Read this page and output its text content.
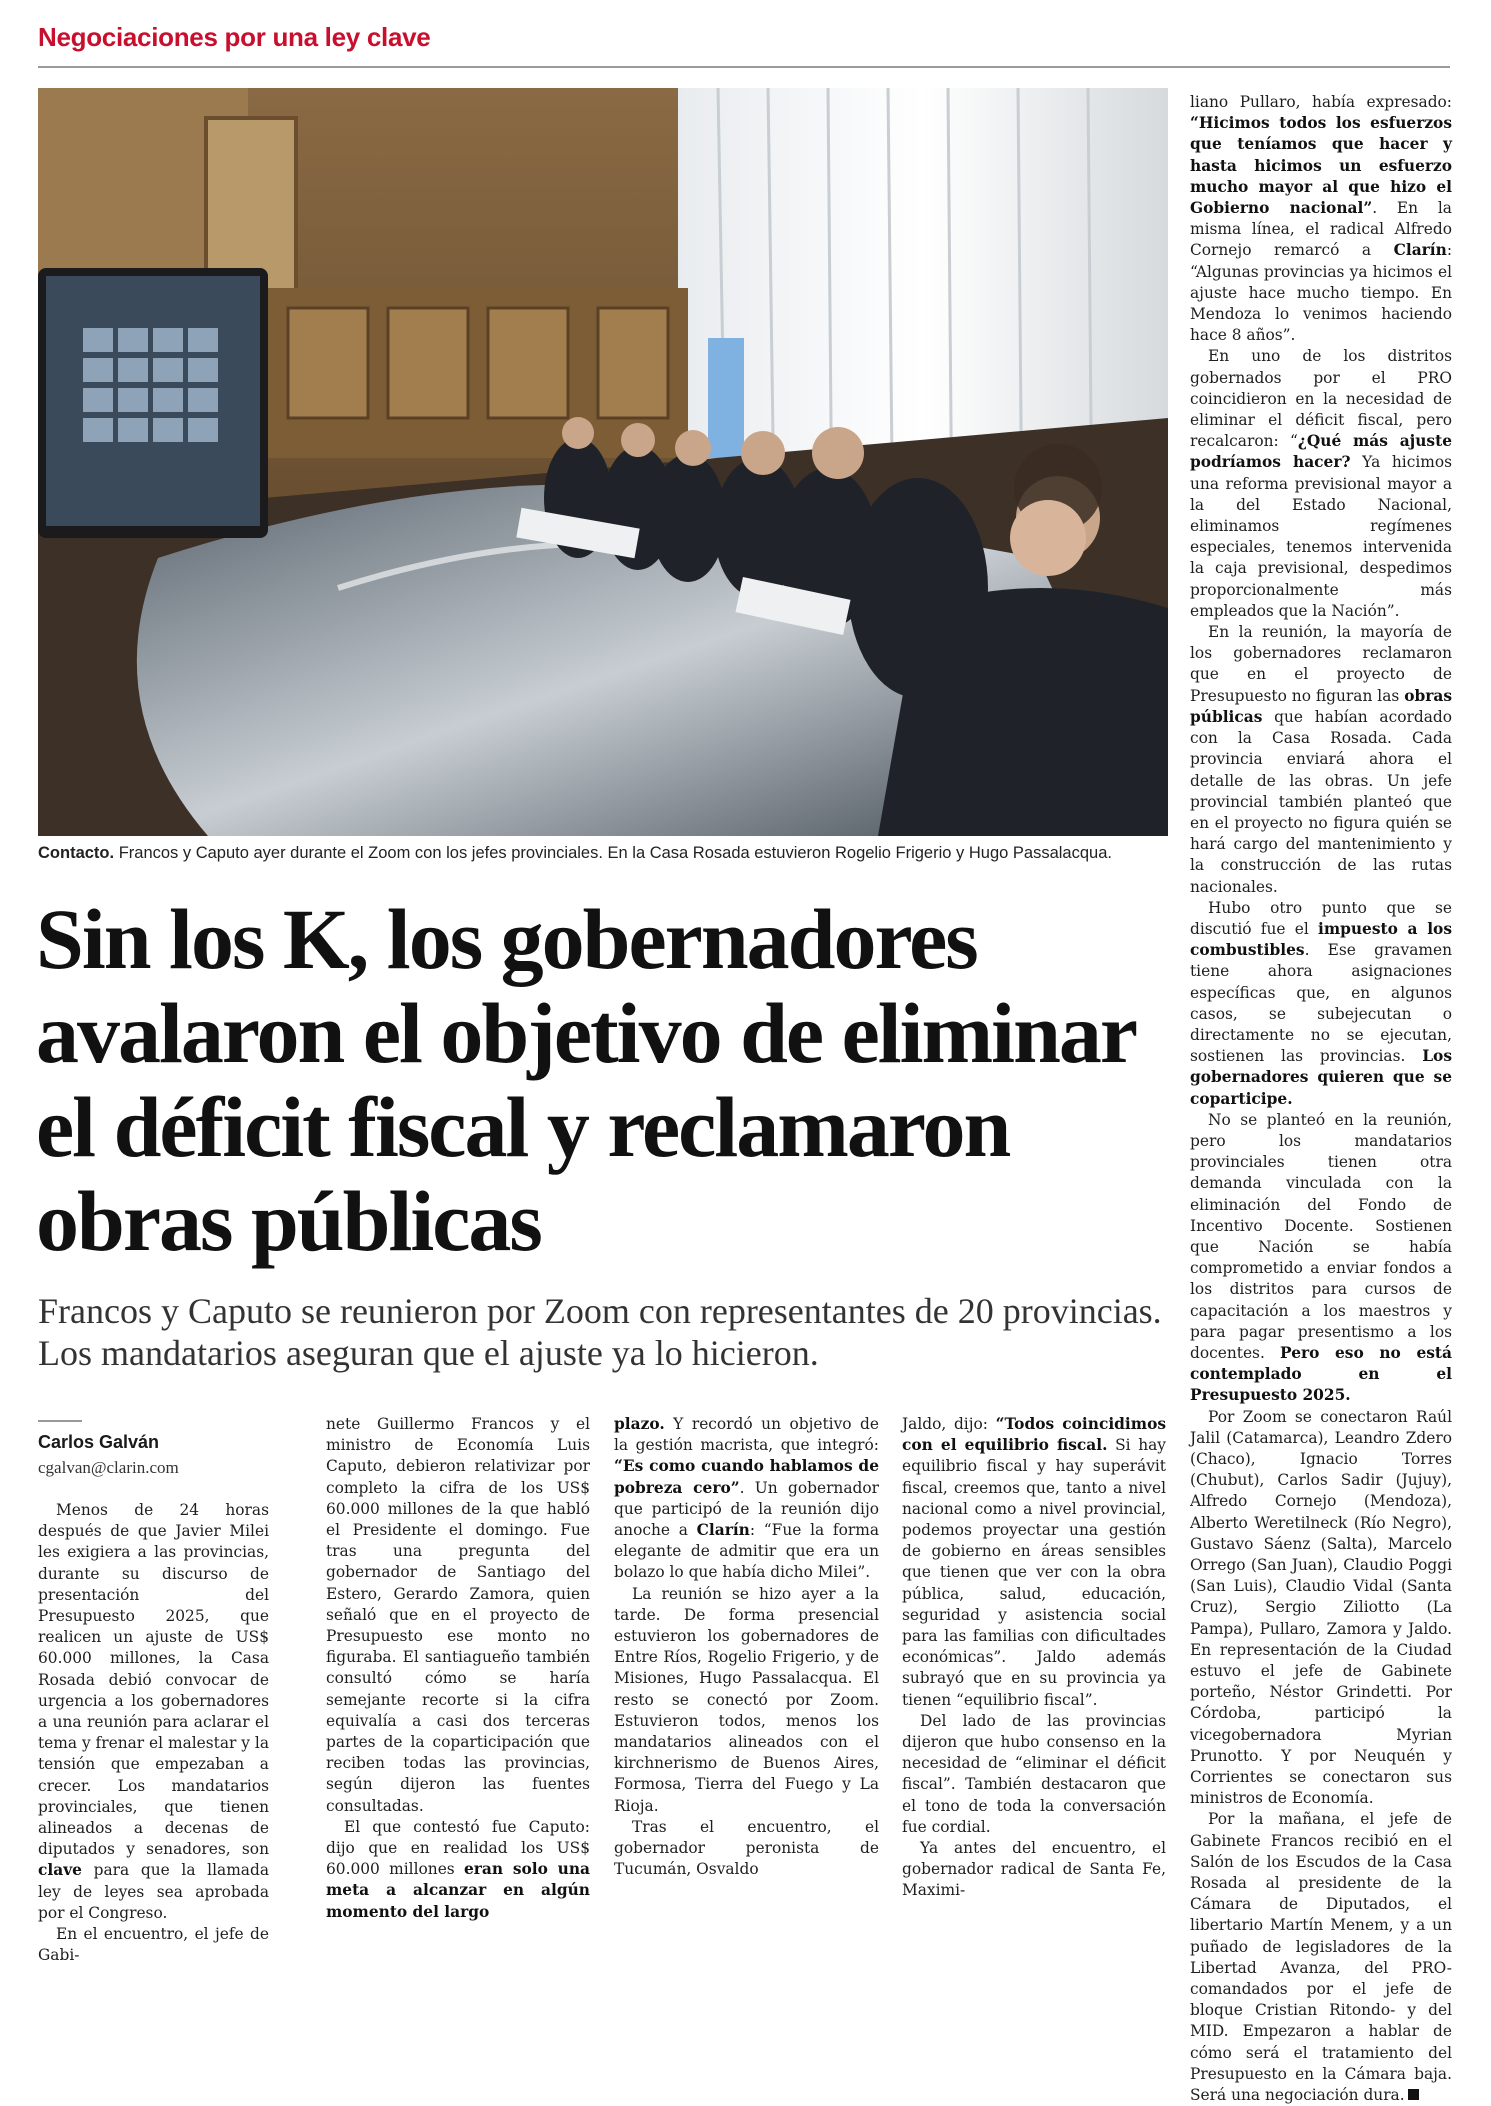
Negociaciones por una ley clave
Contacto. Francos y Caputo ayer durante el Zoom con los jefes provinciales. En la Casa Rosada estuvieron Rogelio Frigerio y Hugo Passalacqua.
Sin los K, los gobernadores avalaron el objetivo de eliminar el déficit fiscal y reclamaron obras públicas
Francos y Caputo se reunieron por Zoom con representantes de 20 provincias. Los mandatarios aseguran que el ajuste ya lo hicieron.
Carlos Galván
cgalvan@clarin.com

Menos de 24 horas después de que Javier Milei les exigiera a las provincias, durante su discurso de presentación del Presupuesto 2025, que realicen un ajuste de US$ 60.000 millones, la Casa Rosada debió convocar de urgencia a los gobernadores a una reunión para aclarar el tema y frenar el malestar y la tensión que empezaban a crecer. Los mandatarios provinciales, que tienen alineados a decenas de diputados y senadores, son clave para que la llamada ley de leyes sea aprobada por el Congreso.

En el encuentro, el jefe de Gabi-

nete Guillermo Francos y el ministro de Economía Luis Caputo, debieron relativizar por completo la cifra de los US$ 60.000 millones de la que habló el Presidente el domingo. Fue tras una pregunta del gobernador de Santiago del Estero, Gerardo Zamora, quien señaló que en el proyecto de Presupuesto ese monto no figuraba. El santiagueño también consultó cómo se haría semejante recorte si la cifra equivalía a casi dos terceras partes de la coparticipación que reciben todas las provincias, según dijeron las fuentes consultadas.

El que contestó fue Caputo: dijo que en realidad los US$ 60.000 millones eran solo una meta a alcanzar en algún momento del largo

plazo. Y recordó un objetivo de la gestión macrista, que integró: “Es como cuando hablamos de pobreza cero”. Un gobernador que participó de la reunión dijo anoche a Clarín: “Fue la forma elegante de admitir que era un bolazo lo que había dicho Milei”.

La reunión se hizo ayer a la tarde. De forma presencial estuvieron los gobernadores de Entre Ríos, Rogelio Frigerio, y de Misiones, Hugo Passalacqua. El resto se conectó por Zoom. Estuvieron todos, menos los mandatarios alineados con el kirchnerismo de Buenos Aires, Formosa, Tierra del Fuego y La Rioja.

Tras el encuentro, el gobernador peronista de Tucumán, Osvaldo

Jaldo, dijo: “Todos coincidimos con el equilibrio fiscal. Si hay equilibrio fiscal y hay superávit fiscal, creemos que, tanto a nivel nacional como a nivel provincial, podemos proyectar una gestión de gobierno en áreas sensibles que tienen que ver con la obra pública, salud, educación, seguridad y asistencia social para las familias con dificultades económicas”. Jaldo además subrayó que en su provincia ya tienen “equilibrio fiscal”.

Del lado de las provincias dijeron que hubo consenso en la necesidad de “eliminar el déficit fiscal”. También destacaron que el tono de toda la conversación fue cordial.

Ya antes del encuentro, el gobernador radical de Santa Fe, Maximi-

liano Pullaro, había expresado: “Hicimos todos los esfuerzos que teníamos que hacer y hasta hicimos un esfuerzo mucho mayor al que hizo el Gobierno nacional”. En la misma línea, el radical Alfredo Cornejo remarcó a Clarín: “Algunas provincias ya hicimos el ajuste hace mucho tiempo. En Mendoza lo venimos haciendo hace 8 años”.

En uno de los distritos gobernados por el PRO coincidieron en la necesidad de eliminar el déficit fiscal, pero recalcaron: “¿Qué más ajuste podríamos hacer? Ya hicimos una reforma previsional mayor a la del Estado Nacional, eliminamos regímenes especiales, tenemos intervenida la caja previsional, despedimos proporcionalmente más empleados que la Nación”.

En la reunión, la mayoría de los gobernadores reclamaron que en el proyecto de Presupuesto no figuran las obras públicas que habían acordado con la Casa Rosada. Cada provincia enviará ahora el detalle de las obras. Un jefe provincial también planteó que en el proyecto no figura quién se hará cargo del mantenimiento y la construcción de las rutas nacionales.

Hubo otro punto que se discutió fue el impuesto a los combustibles. Ese gravamen tiene ahora asignaciones específicas que, en algunos casos, se subejecutan o directamente no se ejecutan, sostienen las provincias. Los gobernadores quieren que se coparticipe.

No se planteó en la reunión, pero los mandatarios provinciales tienen otra demanda vinculada con la eliminación del Fondo de Incentivo Docente. Sostienen que Nación se había comprometido a enviar fondos a los distritos para cursos de capacitación a los maestros y para pagar presentismo a los docentes. Pero eso no está contemplado en el Presupuesto 2025.

Por Zoom se conectaron Raúl Jalil (Catamarca), Leandro Zdero (Chaco), Ignacio Torres (Chubut), Carlos Sadir (Jujuy), Alfredo Cornejo (Mendoza), Alberto Weretilneck (Río Negro), Gustavo Sáenz (Salta), Marcelo Orrego (San Juan), Claudio Poggi (San Luis), Claudio Vidal (Santa Cruz), Sergio Ziliotto (La Pampa), Pullaro, Zamora y Jaldo. En representación de la Ciudad estuvo el jefe de Gabinete porteño, Néstor Grindetti. Por Córdoba, participó la vicegobernadora Myrian Prunotto. Y por Neuquén y Corrientes se conectaron sus ministros de Economía.

Por la mañana, el jefe de Gabinete Francos recibió en el Salón de los Escudos de la Casa Rosada al presidente de la Cámara de Diputados, el libertario Martín Menem, y a un puñado de legisladores de la Libertad Avanza, del PRO-comandados por el jefe de bloque Cristian Ritondo- y del MID. Empezaron a hablar de cómo será el tratamiento del Presupuesto en la Cámara baja. Será una negociación dura.
